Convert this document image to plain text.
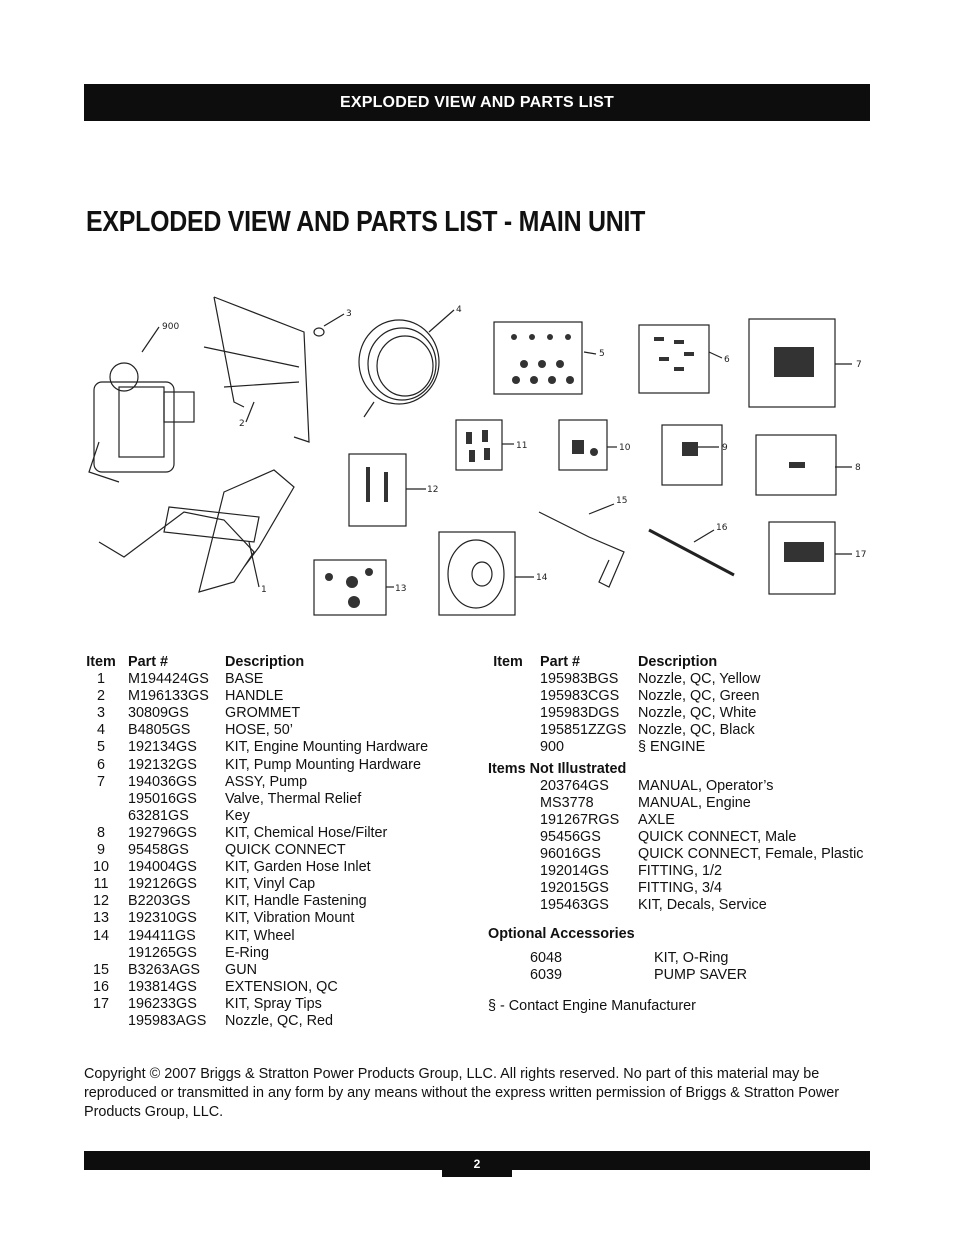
EXPLODED VIEW AND PARTS LIST
EXPLODED VIEW AND PARTS LIST - MAIN UNIT
900
3	4
5
6	7
2
11	10	9
8
12
15
16
17
1	13
14
Item Part #	Description
1	M194424GS	BASE
2	M196133GS	HANDLE
3	30809GS	GROMMET
4	B4805GS	HOSE, 50’
5	192134GS	KIT, Engine Mounting Hardware
6	192132GS	KIT, Pump Mounting Hardware
7	194036GS	ASSY, Pump
195016GS	Valve, Thermal Relief
63281GS	Key
8	192796GS	KIT, Chemical Hose/Filter
9	95458GS	QUICK CONNECT
10	194004GS	KIT, Garden Hose Inlet
11	192126GS	KIT, Vinyl Cap
12	B2203GS	KIT, Handle Fastening
13	192310GS	KIT, Vibration Mount
14	194411GS	KIT, Wheel
191265GS	E-Ring
15	B3263AGS	GUN
16	193814GS	EXTENSION, QC
17	196233GS	KIT, Spray Tips
195983AGS	Nozzle, QC, Red
Item	Part #	Description
195983BGS	Nozzle, QC, Yellow
195983CGS	Nozzle, QC, Green
195983DGS	Nozzle, QC, White
195851ZZGS Nozzle, QC, Black
900	§ ENGINE
Items Not Illustrated
203764GS	MANUAL, Operator’s
MS3778	MANUAL, Engine
191267RGS	AXLE
95456GS	QUICK CONNECT, Male
96016GS	QUICK CONNECT, Female, Plastic
192014GS	FITTING, 1/2
192015GS	FITTING, 3/4
195463GS	KIT, Decals, Service
Optional Accessories
6048	KIT, O-Ring
6039	PUMP SAVER
§ - Contact Engine Manufacturer
Copyright © 2007 Briggs & Stratton Power Products Group, LLC. All rights reserved. No part of this material may be reproduced or transmitted in any form by any means without the express written permission of Briggs & Stratton Power Products Group, LLC.
2
